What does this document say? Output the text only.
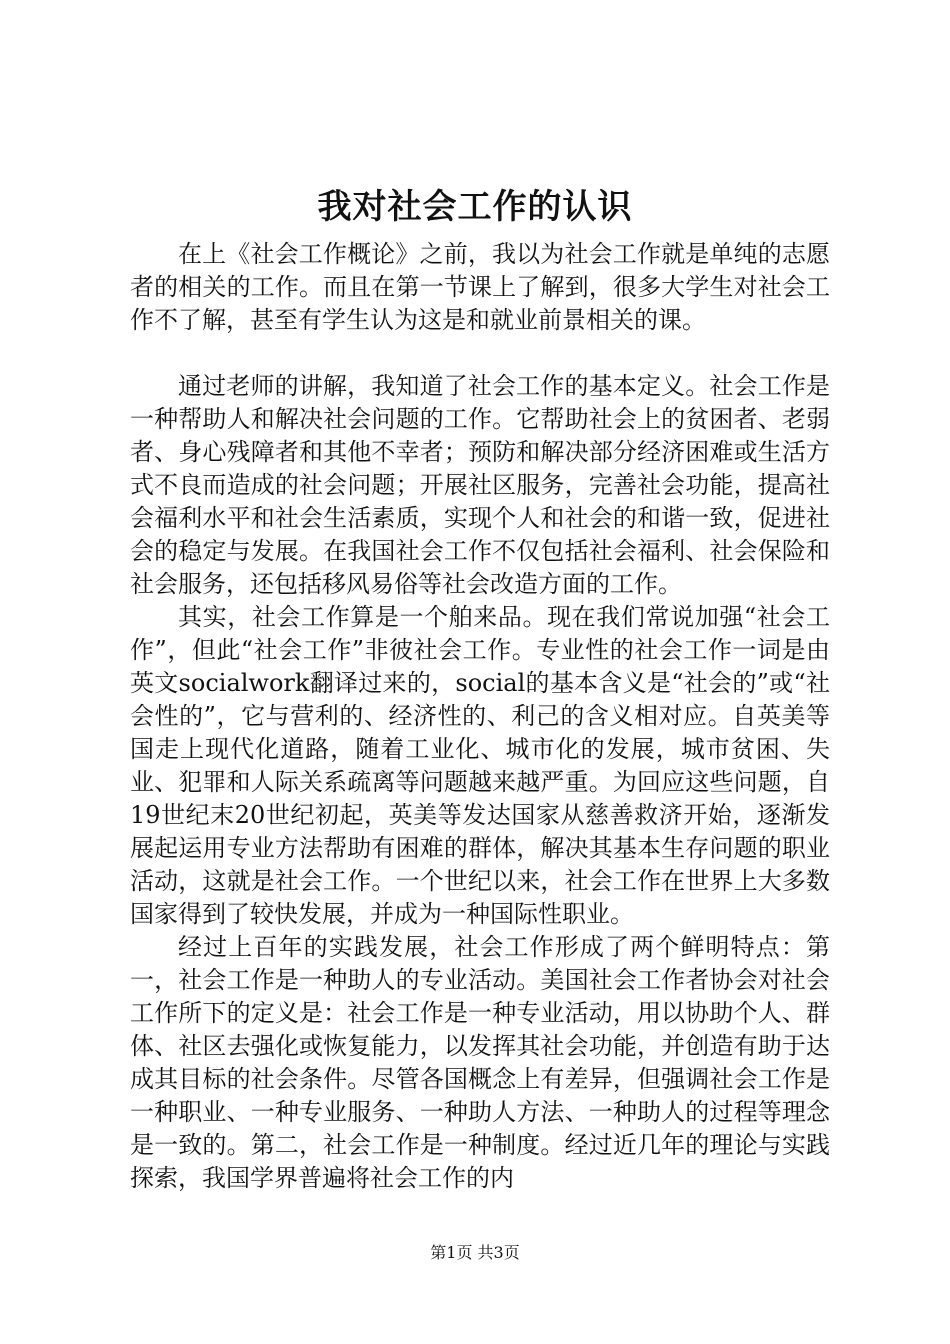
我对社会工作的认识

在上《社会工作概论》之前，我以为社会工作就是单纯的志愿者的相关的工作。而且在第一节课上了解到，很多大学生对社会工作不了解，甚至有学生认为这是和就业前景相关的课。

通过老师的讲解，我知道了社会工作的基本定义。社会工作是一种帮助人和解决社会问题的工作。它帮助社会上的贫困者、老弱者、身心残障者和其他不幸者；预防和解决部分经济困难或生活方式不良而造成的社会问题；开展社区服务，完善社会功能，提高社会福利水平和社会生活素质，实现个人和社会的和谐一致，促进社会的稳定与发展。在我国社会工作不仅包括社会福利、社会保险和社会服务，还包括移风易俗等社会改造方面的工作。

其实，社会工作算是一个舶来品。现在我们常说加强“社会工作”，但此“社会工作”非彼社会工作。专业性的社会工作一词是由英文socialwork翻译过来的，social的基本含义是“社会的”或“社会性的”，它与营利的、经济性的、利己的含义相对应。自英美等国走上现代化道路，随着工业化、城市化的发展，城市贫困、失业、犯罪和人际关系疏离等问题越来越严重。为回应这些问题，自19世纪末20世纪初起，英美等发达国家从慈善救济开始，逐渐发展起运用专业方法帮助有困难的群体，解决其基本生存问题的职业活动，这就是社会工作。一个世纪以来，社会工作在世界上大多数国家得到了较快发展，并成为一种国际性职业。

经过上百年的实践发展，社会工作形成了两个鲜明特点：第一，社会工作是一种助人的专业活动。美国社会工作者协会对社会工作所下的定义是：社会工作是一种专业活动，用以协助个人、群体、社区去强化或恢复能力，以发挥其社会功能，并创造有助于达成其目标的社会条件。尽管各国概念上有差异，但强调社会工作是一种职业、一种专业服务、一种助人方法、一种助人的过程等理念是一致的。第二，社会工作是一种制度。经过近几年的理论与实践探索，我国学界普遍将社会工作的内

第1页 共3页
